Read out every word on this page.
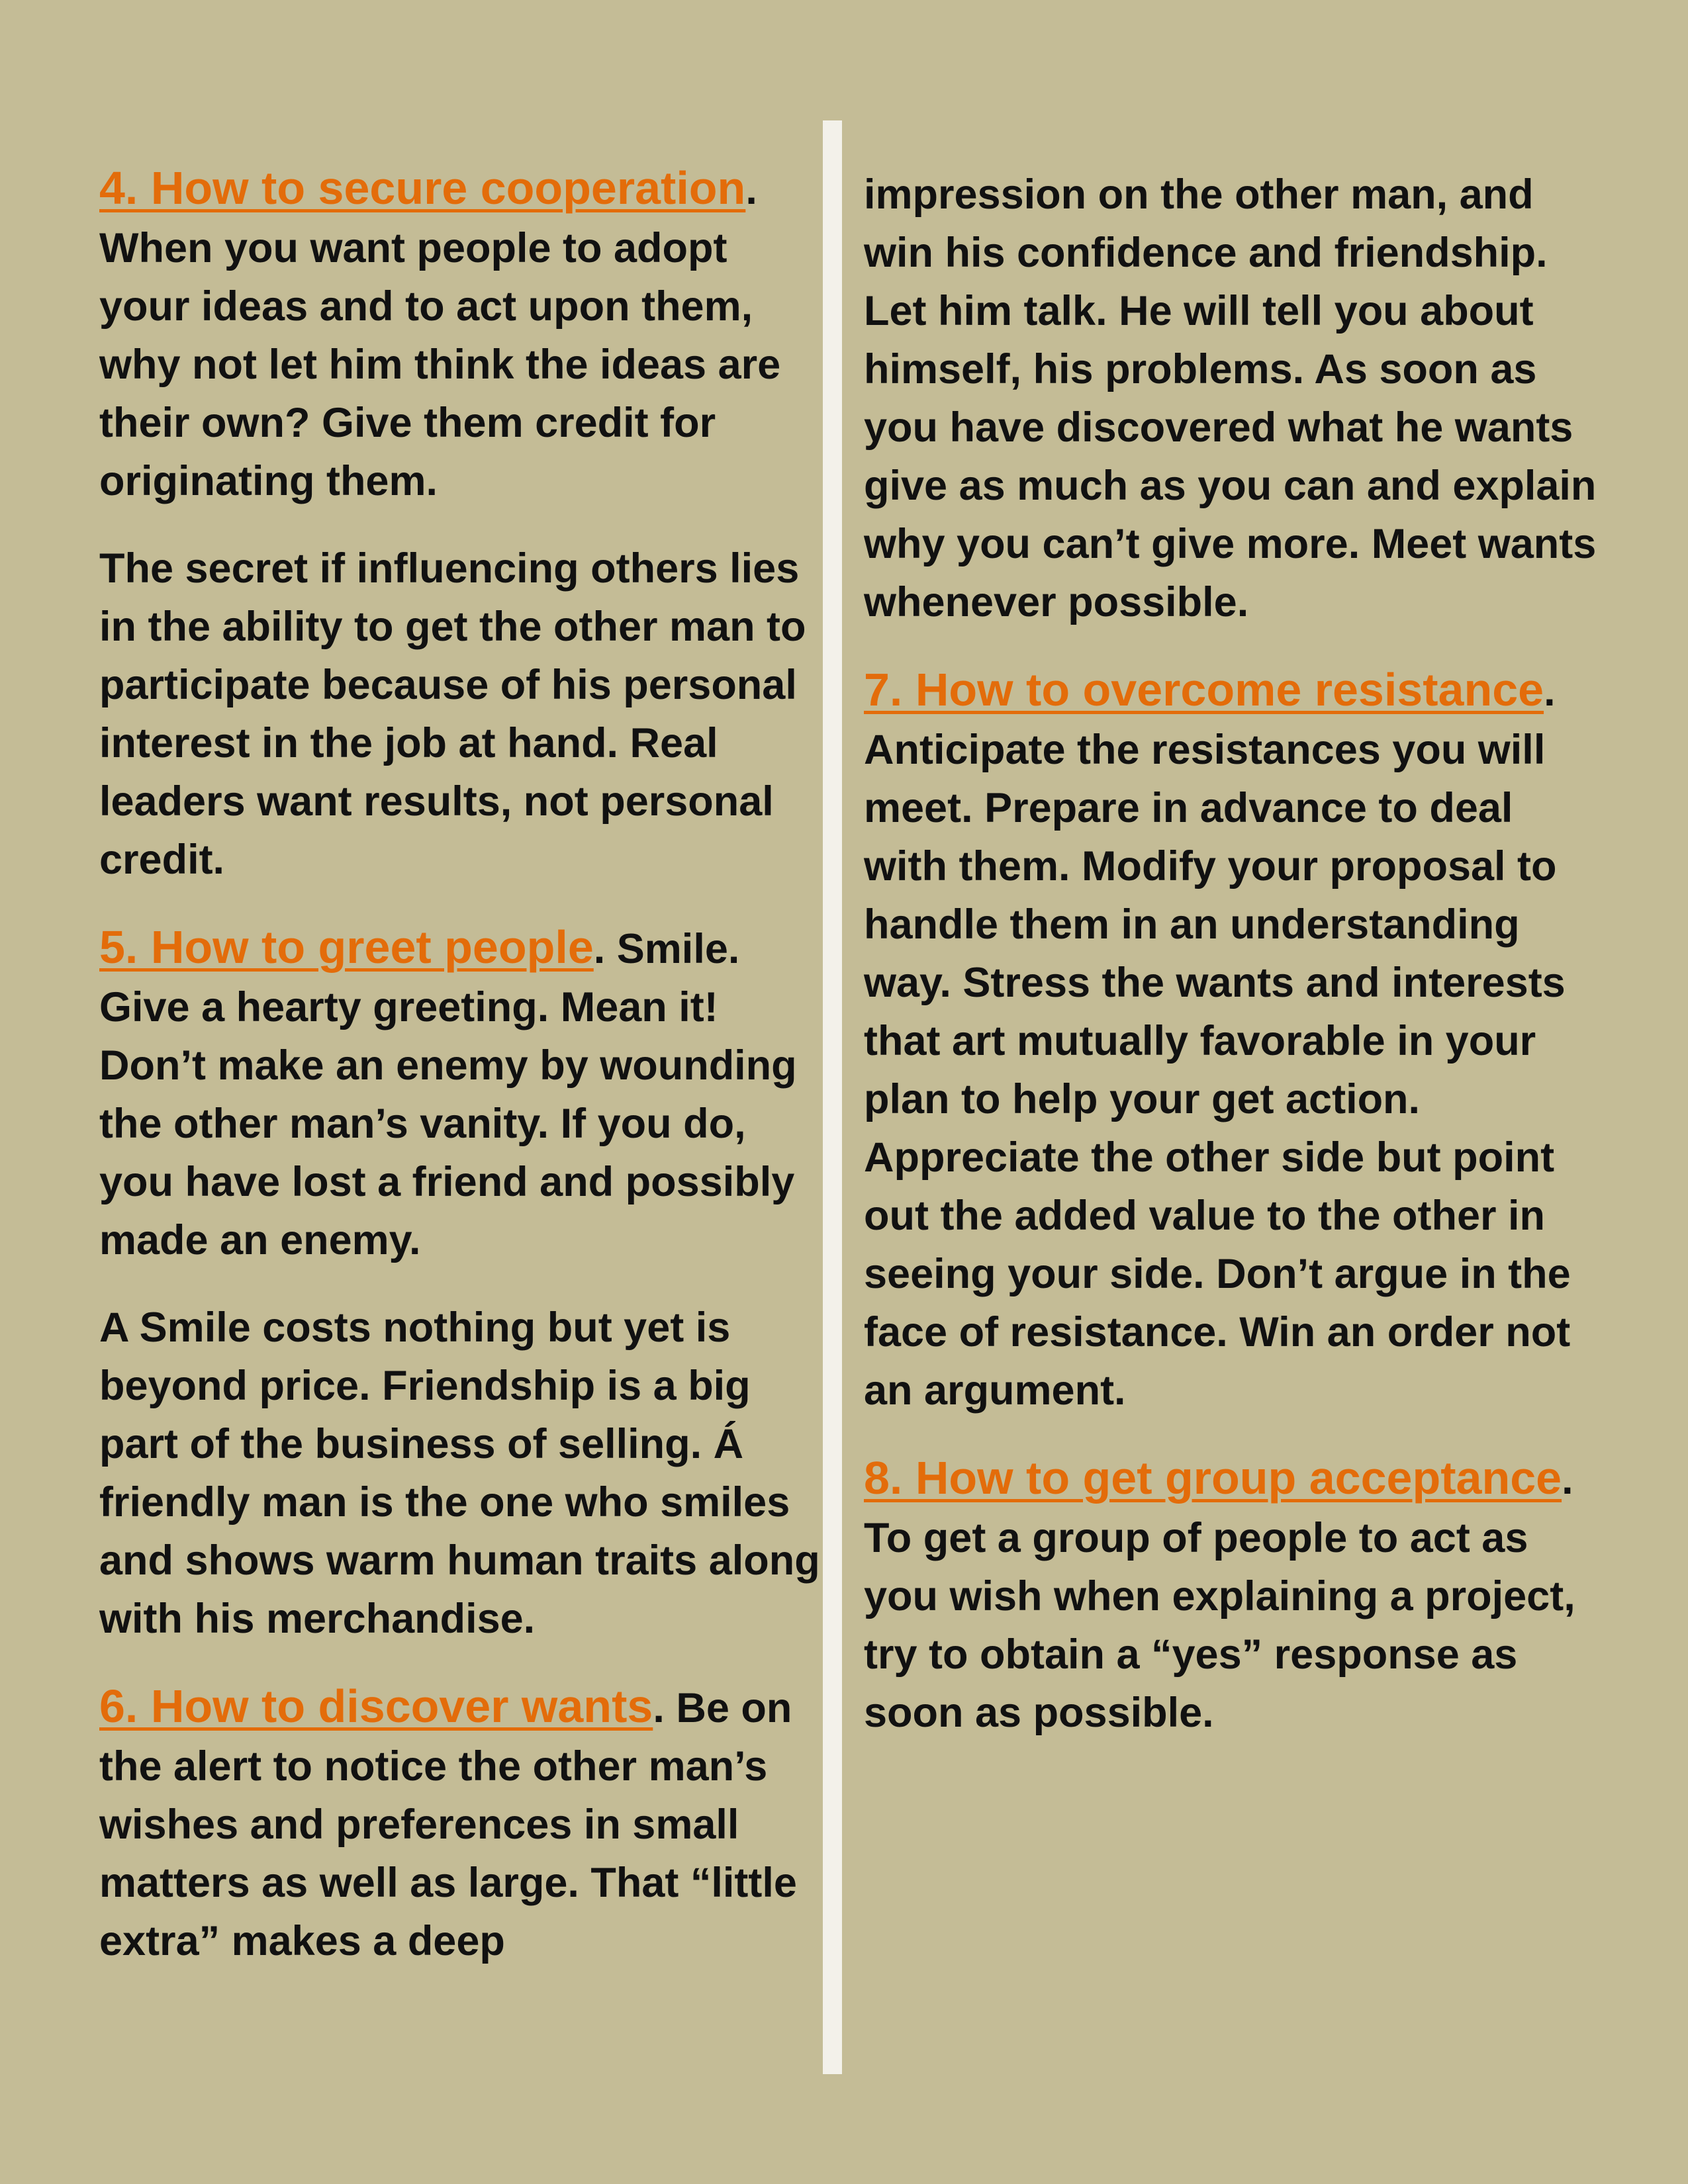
4. How to secure cooperation. When you want people to adopt your ideas and to act upon them, why not let him think the ideas are their own? Give them credit for originating them.

The secret if influencing others lies in the ability to get the other man to participate because of his personal interest in the job at hand. Real leaders want results, not personal credit.

5. How to greet people. Smile. Give a hearty greeting. Mean it! Don’t make an enemy by wounding the other man’s vanity. If you do, you have lost a friend and possibly made an enemy.

A Smile costs nothing but yet is beyond price. Friendship is a big part of the business of selling. Á friendly man is the one who smiles and shows warm human traits along with his merchandise.

6. How to discover wants. Be on the alert to notice the other man’s wishes and preferences in small matters as well as large. That “little extra” makes a deep

impression on the other man, and win his confidence and friendship. Let him talk. He will tell you about himself, his problems. As soon as you have discovered what he wants give as much as you can and explain why you can’t give more. Meet wants whenever possible.

7. How to overcome resistance. Anticipate the resistances you will meet. Prepare in advance to deal with them. Modify your proposal to handle them in an understanding way. Stress the wants and interests that art mutually favorable in your plan to help your get action. Appreciate the other side but point out the added value to the other in seeing your side. Don’t argue in the face of resistance. Win an order not an argument.

8. How to get group acceptance. To get a group of people to act as you wish when explaining a project, try to obtain a “yes” response as soon as possible.
